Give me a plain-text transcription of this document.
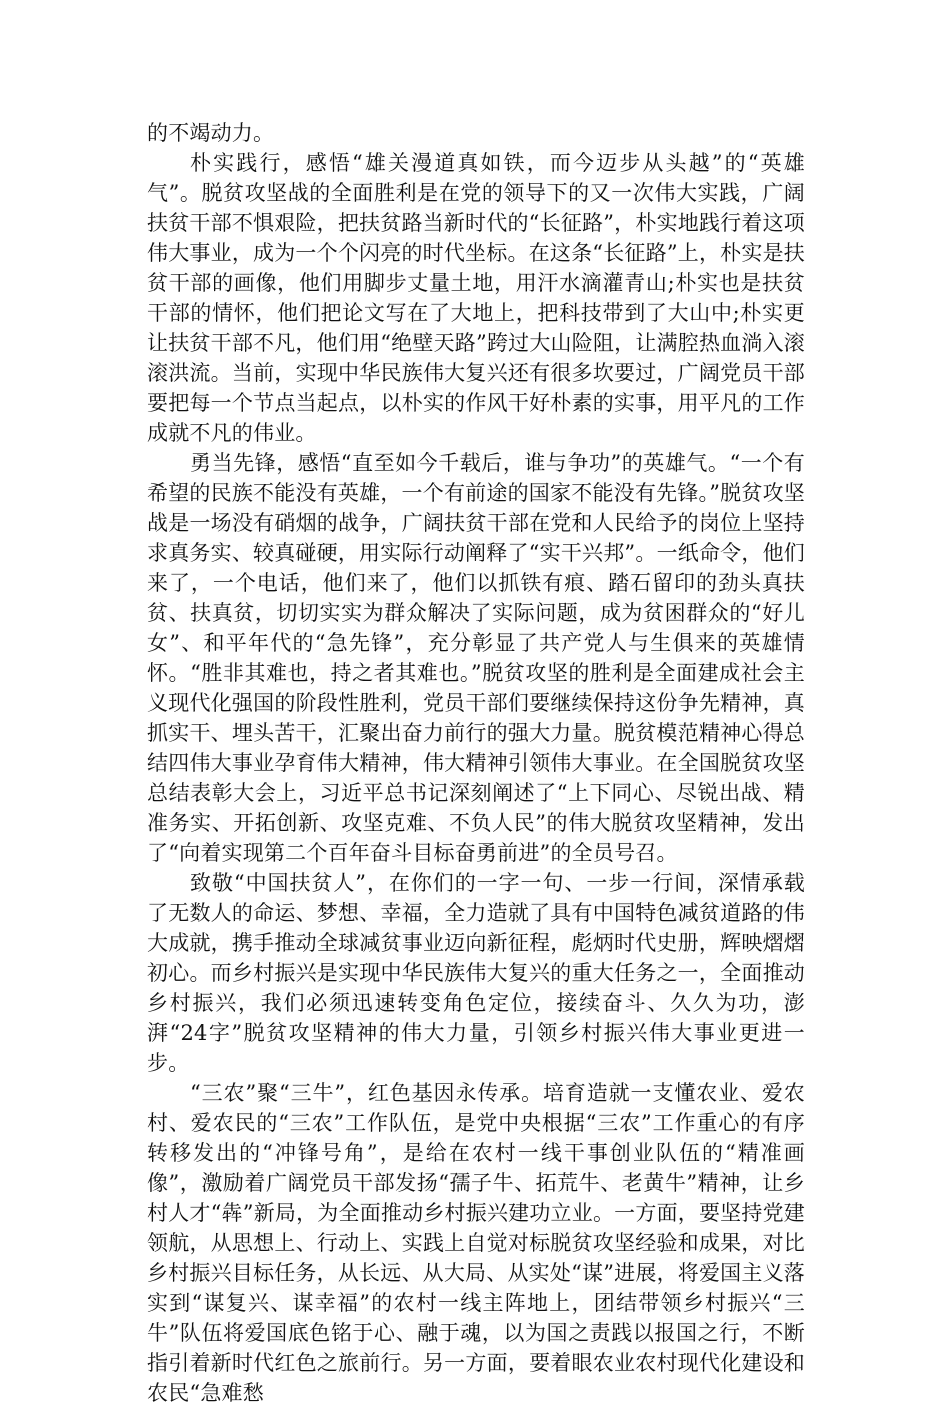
的不竭动力。

朴实践行，感悟“雄关漫道真如铁，而今迈步从头越”的“英雄气”。脱贫攻坚战的全面胜利是在党的领导下的又一次伟大实践，广阔扶贫干部不惧艰险，把扶贫路当新时代的“长征路”，朴实地践行着这项伟大事业，成为一个个闪亮的时代坐标。在这条“长征路”上，朴实是扶贫干部的画像，他们用脚步丈量土地，用汗水滴灌青山;朴实也是扶贫干部的情怀，他们把论文写在了大地上，把科技带到了大山中;朴实更让扶贫干部不凡，他们用“绝壁天路”跨过大山险阻，让满腔热血淌入滚滚洪流。当前，实现中华民族伟大复兴还有很多坎要过，广阔党员干部要把每一个节点当起点，以朴实的作风干好朴素的实事，用平凡的工作成就不凡的伟业。

勇当先锋，感悟“直至如今千载后，谁与争功”的英雄气。“一个有希望的民族不能没有英雄，一个有前途的国家不能没有先锋。”脱贫攻坚战是一场没有硝烟的战争，广阔扶贫干部在党和人民给予的岗位上坚持求真务实、较真碰硬，用实际行动阐释了“实干兴邦”。一纸命令，他们来了，一个电话，他们来了，他们以抓铁有痕、踏石留印的劲头真扶贫、扶真贫，切切实实为群众解决了实际问题，成为贫困群众的“好儿女”、和平年代的“急先锋”，充分彰显了共产党人与生俱来的英雄情怀。“胜非其难也，持之者其难也。”脱贫攻坚的胜利是全面建成社会主义现代化强国的阶段性胜利，党员干部们要继续保持这份争先精神，真抓实干、埋头苦干，汇聚出奋力前行的强大力量。脱贫模范精神心得总结四伟大事业孕育伟大精神，伟大精神引领伟大事业。在全国脱贫攻坚总结表彰大会上，习近平总书记深刻阐述了“上下同心、尽锐出战、精准务实、开拓创新、攻坚克难、不负人民”的伟大脱贫攻坚精神，发出了“向着实现第二个百年奋斗目标奋勇前进”的全员号召。

致敬“中国扶贫人”，在你们的一字一句、一步一行间，深情承载了无数人的命运、梦想、幸福，全力造就了具有中国特色减贫道路的伟大成就，携手推动全球减贫事业迈向新征程，彪炳时代史册，辉映熠熠初心。而乡村振兴是实现中华民族伟大复兴的重大任务之一，全面推动乡村振兴，我们必须迅速转变角色定位，接续奋斗、久久为功，澎湃“24字”脱贫攻坚精神的伟大力量，引领乡村振兴伟大事业更进一步。

“三农”聚“三牛”，红色基因永传承。培育造就一支懂农业、爱农村、爱农民的“三农”工作队伍，是党中央根据“三农”工作重心的有序转移发出的“冲锋号角”，是给在农村一线干事创业队伍的“精准画像”，激励着广阔党员干部发扬“孺子牛、拓荒牛、老黄牛”精神，让乡村人才“犇”新局，为全面推动乡村振兴建功立业。一方面，要坚持党建领航，从思想上、行动上、实践上自觉对标脱贫攻坚经验和成果，对比乡村振兴目标任务，从长远、从大局、从实处“谋”进展，将爱国主义落实到“谋复兴、谋幸福”的农村一线主阵地上，团结带领乡村振兴“三牛”队伍将爱国底色铭于心、融于魂，以为国之责践以报国之行，不断指引着新时代红色之旅前行。另一方面，要着眼农业农村现代化建设和农民“急难愁
